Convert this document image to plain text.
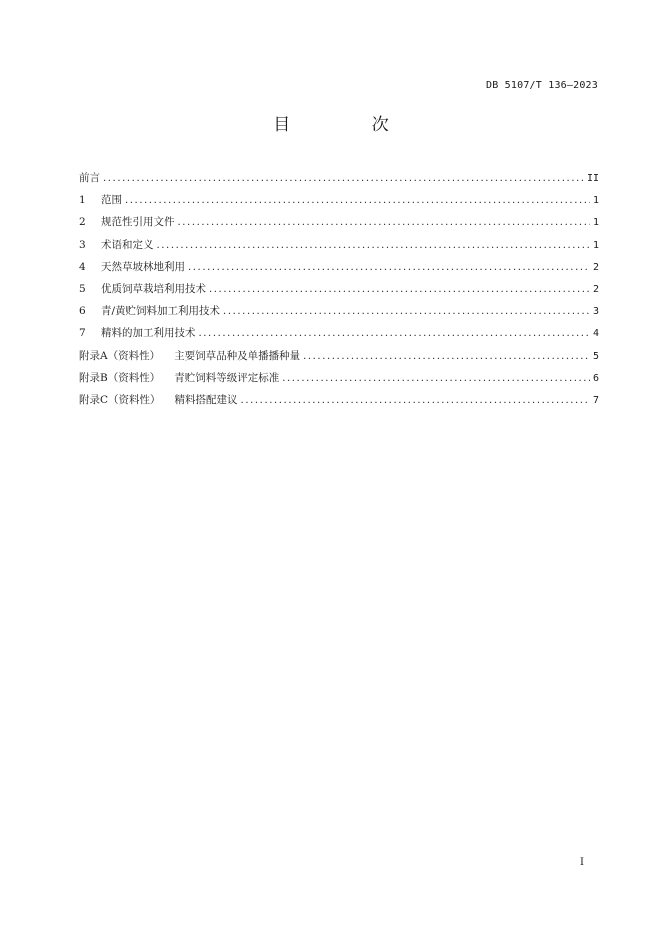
DB 5107/T 136—2023
目 次
前言 .....	II
1	范围 .....	1
2	规范性引用文件 .....	1
3	术语和定义 .....	1
4	天然草坡林地利用 .....	2
5	优质饲草栽培利用技术 .....	2
6	青/黄贮饲料加工利用技术 .....	3
7	精料的加工利用技术 .....	4
附录A（资料性） 主要饲草品种及单播播种量 .....	5
附录B（资料性） 青贮饲料等级评定标准 .....	6
附录C（资料性） 精料搭配建议 .....	7
I
